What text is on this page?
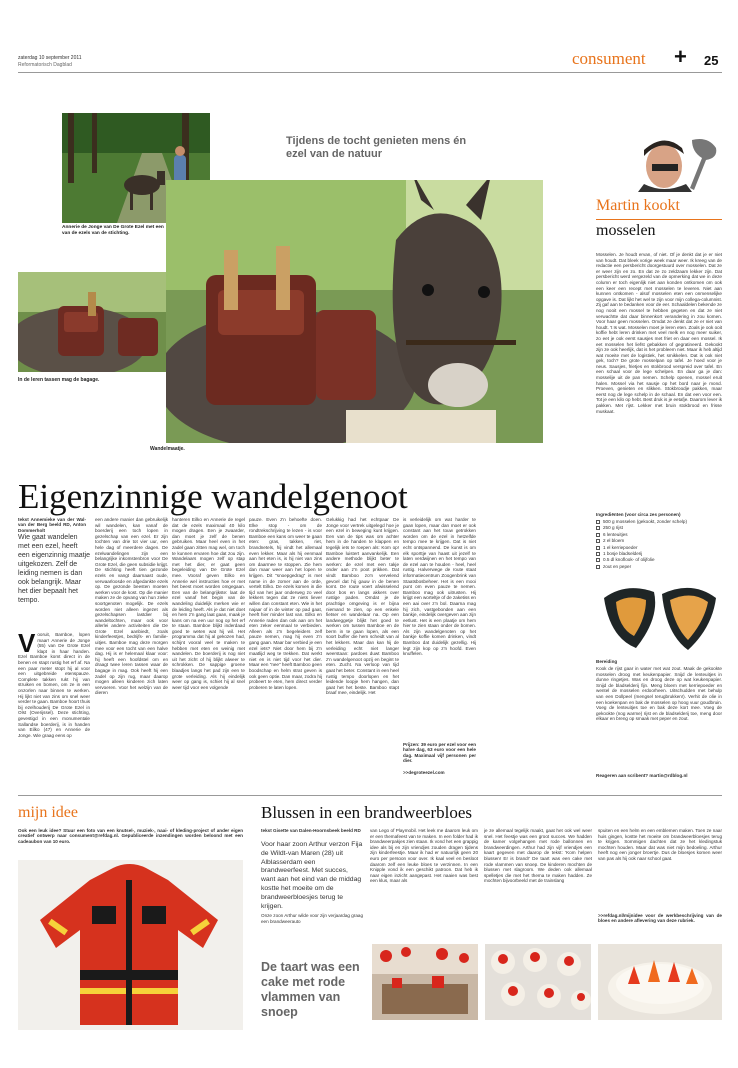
zaterdag 10 september 2011
Reformatorisch Dagblad	consument + 25
Annerie de Jonge van De Grote Ezel met een van de ezels van de stichting.
In de leren tassen mag de bagage.
Tijdens de tocht genieten mens én ezel van de natuur
Wandelmaatje.
Eigenzinnige wandelgenoot
tekst Annemieke van der Wal-van der Berg beeld RD, Anton Dommerholt
Wie gaat wandelen met een ezel, heeft een eigenzinnig maatje uitgekozen. Zelf de leiding nemen is dan ook belangrijk. Maar het dier bepaalt het tempo.
V ooruit, Bamboe, lopen maar! Annerie de Jonge (55) van De Grote Ezel klapt in haar handen. Ezel Bamboe komt direct in de benen en stapt rustig het erf af. Na een paar meter stopt hij al voor een uitgebreide etenspauze. Complete takken rukt hij van struiken en bomen, om ze in een onzorlen naar binnen te werken. Hij lijkt niet van zins om snel weer verder te gaan. Bamboe hoort thuis bij ezelhouderij De Grote Ezel in Olst (Overijssel). Deze stichting, gevestigd in een monumentale Sallandse boerderij, is in handen van Eilko (47) en Annerie de Jonge. Wie graag eens op

een andere manier dan gebruikelijk wil wandelen, kan vanaf de boerderij een toch lopen in gezelschap van een ezel. Er zijn tochten van drie tot vier uur, een hele dag of meerdere dagen. De ezelwandelingen zijn een belangrijke inkomstenbron voor De Grote Ezel, die geen subsidie krijgt. De stichting heeft tien gezonde ezels en vangt daarnaast oude, verwaarloosde en afgedankte ezels op. De gezonde beesten moeten werken voor de kost. Op die manier maken ze de opvang van hun zieke soortgenoten mogelijk. De ezels worden niet alleen ingezet als gezelschapsen lastdier bij wandeltochten, maar ook voor allerlei andere activiteiten die De Grote Ezel aanbiedt, zoals kinderfeestjes, bedrijfs- en familie-uitjes. Bamboe mag deze morgen mee voor een tocht van een halve dag. Hij is er helemaal klaar voor: hij heeft een hoofdstel om en draagt twee leren tassen waar de bagage in mag. Ook heeft hij een zadel op zijn rug, maar daarop mogen alleen kinderen zich laten vervoeren. Voor het welzijn van de dieren

hanteren Eilko en Annerie de regel dat de ezels maximaal 40 kilo mogen dragen. Een je zwaarder, dan moet je zelf de benen gebruiken. Maar heel even in het zadel gaan zitten mag wel, om toch te kunnen ervaren hoe dat zou zijn. Wandelaars mogen zelf op stap met het dier, er gaat geen begeleiding van De Grote Ezel mee. Vooraf geven Eilko en Annerie wel instructies hoe er met het beest moet worden omgegaan. Een van de belangrijkste: laat de ezel vanaf het begin van de wandeling duidelijk merken wie er de leiding heeft. Als je dat niet doet en hem z'n gang laat gaan, maak je kans om na een uur nog op het erf te staan. Bamboe blijkt inderdaad goed te weten wat hij wil. Het programma dat hij al gekozen had, schijnt vooral veel te maken te hebben met eten en weinig met wandelen. De boerderij is nog niet uit het zicht of hij blijkt alweer te schrokken. De sappige groene blaadjes langs het pad zijn een te grote verleiding. Als hij eindelijk weer op gang is, schiet hij al snel weer tijd voor een volgende

pauze. Even z'n behoefte doen. Elke stop - om de rondtrekschrijving te lezen - is voor Bamboe een kans om weer te gaan eten: gras, takken, riet, brandnetels, hij vindt het allemaal even lekker. Maar als hij eenmaal aan het eten is, is hij niet van zins om daarmee te stoppen. Zie hem dan maar weer aan het lopen te krijgen. Dit "snoepgedrag" is met name in de zomer aan de orde, vertelt Eilko. De ezels komen in die tijd van het jaar onderweg zo veel lekkers tegen dat ze niets liever willen dan constant eten. Wie in het najaar of in de winter op pad gaat, heeft hier minder last van. Eilko en Annerie raden dan ook aan om het eten zeker eenmaal te verbieden. Alleen als z'n begeleiders zelf pauze nemen, mag hij even z'n gang gaan. Maar bar verbied je een ezel iets? Niet door hem bij z'n maatlijd weg te trekken. Dat werkt niet en is niet tijd voor het dier. Maar een "nee" heeft Bamboo geen boodschap en helm strat geven is ook geen optie. Dan maar, zodra hij probeert te eten, hem direct verder proberen te laten lopen.

Gelukkig had het echtpaar De Jonge voor vertrek uitgelegd hoe je een ezel in beweging kunt krijgen. Een van de tips was om achter hem in de handen te klappen en tegelijk iets te roepen als: Kom op! Bamboe luistert aanvankelijk. Een andere methode blijkt beter te werken: de ezel met een takje onder aan z'n poot prikken. Dat vindt Bamboo zo'n vervelend gevoel dat hij gauw in de benen komt. De route voert afwisselend door bos en langs akkers over rustige paden. Omdat je de prachtige omgeving is er bijna niemand te zien, op een enkele fietser en wandelaar na. Op een landweggetje blijkt het goed te werken om tussen Bamboe en de berm in te gaan lopen, als een soort buffer die hem scheidt van al het lekkers. Maar dan kan hij de verleiding echt niet langer weerstaan: pardoes duwt Bamboo z'n wandelgenoot opzij en begint te eten. Zucht. Na verloop van tijd gaat het beter. Constant in een heel rustig tempo doorlopen en het leidende loopje hem hangen, dan gaat het het beste. Bamboo stapt braaf mee, eindelijk. Het

is verleidelijk om wat harder te gaan lopen, maar dan moet er ook constant aan het touw getrokken worden om de ezel in hetzelfde tempo mee te krijgen. Dat is niet echt ontspannend. De kunst is om elk sporttje van haast uit jezelf te laten verdwijnen en het tempo van de ezel aan te houden - heel, heel rustig. Halverwege de route staat informatiecentrum Zoogenbrink van Staatsbosbeheer. Het is een mooi punt om even pauze te nemen. Bamboo mag ook uitrusten. Hij krijgt een worteltje of de zaketiss en een aai over z'n bol. Daarna mag hij zich, vastgebonden aan een bankje, eindelijk overgeven aan zijn eetlust. Het is een plaatje om hem hier te zien staan onder de bomen. Als zijn wandelgenoten op het bankje koffie komen drinken, vindt Bamboo dat duidelijk gezellig. Hij legt zijn kop op z'n hoofd. Even knuffelen.

Prijzen: 39 euro per ezel voor een halve dag, 63 euro voor een hele dag. Maximaal vijf personen per dier.
>>degroteezel.com
Martin kookt
mosselen

Mosselen. Je houdt ervan, of niet. Of je denkt dat je er niet van houdt. Dat bleek vorige week maar weer. Ik kreeg van de redactie een persbericht doorgestuurd over mosselen. Dat ze er weer zijn en zo. En dat ze zo zeldzaam lekker zijn. Dat persbericht werd vergezeld van de opmerking dat we in deze column er toch eigenlijk niet aan konden ontkomen om ook een keer een recept met mosselen te leveren. Niet aan kunnen ontkomen - alsof mosselen eten een onmenselijke opgave is. Dat lijkt het wel te zijn voor mijn collega-columnist. Zij gaf aan te bedanken voor de eer. Schaaldelen bekende ze nog nooit een mossel te hebben gegeten en dat ze niet verwachtte dat daar binnenkort verandering in zou komen. Voor haar geen mosselen. Omdat ze denkt dat ze er niet van houdt. 't Is wat. Mosselen moet je leren eten. Zoals je ook ooit koffie hebt leren drinken met veel melk en nog meer suiker, zo eet je ook eerst sausjes met friet en daar een mossel. Ik eet mosselen het liefst gebakken of gegratineerd. Gekookt zijn ze ook heerlijk, dat is het probleem niet. Maar ik heb altijd wat moeite met de logistiek, het smikkelen. Dat is ook niet gek, toch? De grote mosselpan op tafel. Je hoed voor je neus. Sausjes, frietjes en stokbrood verspreid over tafel. En een schaal voor de lege schelpen. En daar ga je dan: mosselije uit de pan nemen. Schelp openen, mossel eruit halen. Mossel via het sausje op het bord naar je mond. Proeven, genieten en slikken. Stokbroodje pakken, maar eerst nog de lege schelp in de schaal. En dat een voor een. Tot je een kilo op hebt. Best druk is je eetafje. Daarom lever ik pakken. Met rijst. Lekker met bruin stokbrood en frisse muskaat.

Ingrediënten (voor circa zes personen)
500 g mosselen (gekookt, zonder schelp)
250 g rijst
6 lenteuitjes
2 el bloem
1 el kerriepoeder
1 bosje bladselderij
0.5 dl knoflook- of olijfolie
zout en peper
Bereiding

Kook de rijst gaar in water met wat zout. Maak de gekookte mosselen droog met keukenpapier. Snijd de lenteuitjes in dunne ringetjes. Was en droog deze op wat keukenpapier. Snijd de bladselderij fijn. Meng bloem met kerriepoeder en wentel de mosselen erdoorheen. Uitschudden met behulp van een Dollpeel (mengsel terugbrukken!). Verhit de olie in een koekenpan en bak de mosselen op hoog vuur goudbruin. Voeg de lenteuitjes toe en bak deze kort mee. Voeg de gekookte (nog warme) rijst en de bladselderij toe, meng door elkaar en breng op smaak met peper en zout.

Reageren aan scribent? martin@rdblog.nl
mijn idee
Ook een leuk idee? Stuur een foto van een knutsel-, muziek-, naai- of kleding-project of ander eigen creatief ontwerp naar consument@refdag.nl. Gepubliceerde inzendingen worden beloond met een cadeaubon van 10 euro.
Blussen in een brandweerbloes
tekst Gisette van Dalen-Hoornsbeek beeld RD
Voor haar zoon Arthur verzon Fija de Wildt-van Maren (28) uit Alblasserdam een brandweerfeest. Met succes, want aan het eind van de middag kostte het moeite om de brandweerbloesjes terug te krijgen.

Onze zoon Arthur wilde voor zijn verjaardag graag een brandweerauto

van Lego of Playmobil. Het leek me daarom leuk om er een themafeest van te maken. In een folder had ik brandweerpakjes zien staan. Ik vond het een grappig idee als bij en zijn vriendjes zouden dragen tijdens zijn kinderfeestje. Maar ik had er natuurlijk geen 20 euro per persoon voor over. Ik kaal veel en besloot daarom zelf een leuke bloes te verzinnen. In een Knipple vond ik een geschikt patroon. Dat heb ik naar eigen inzicht aangepast. Het naaien was best een klus, maar als

je ze allemaal tegelijk maakt, gaat het ook wel weer snel. Het feestje was een groot succes. We hadden de kamer volgehangen met rode ballonnen en brandweerdingen. Arthur had zijn vijf vriendjes een kaart gegeven met daarop de tekst: 'Kom helpen blussen! Er is brand!' De taart was een cake met rode vlammen van snoep. De kinderen mochten de blussen met slagroom. We deden ook allemaal spelletjes die met het thema te maken hadden. Ze mochten bijvoorbeeld met de trainslang

spuiten en een helm en een emblemen maken. Toen ze naar huis gingen, kostte het moeite om brandweerbloesjes terug te krijgen. Sommigen dachten dat ze het kledingstuk mochten houden. Maar dat was niet mijn bedoeling. Arthur heeft nog een jonger broertje. Dus de bloesjes komen weer van pas als hij ook naar school gaat.

>>refdag.nl/mijnidee voor de werkbeschrijving van de bloes en andere aflevering van deze rubriek.
De taart was een cake met rode vlammen van snoep
